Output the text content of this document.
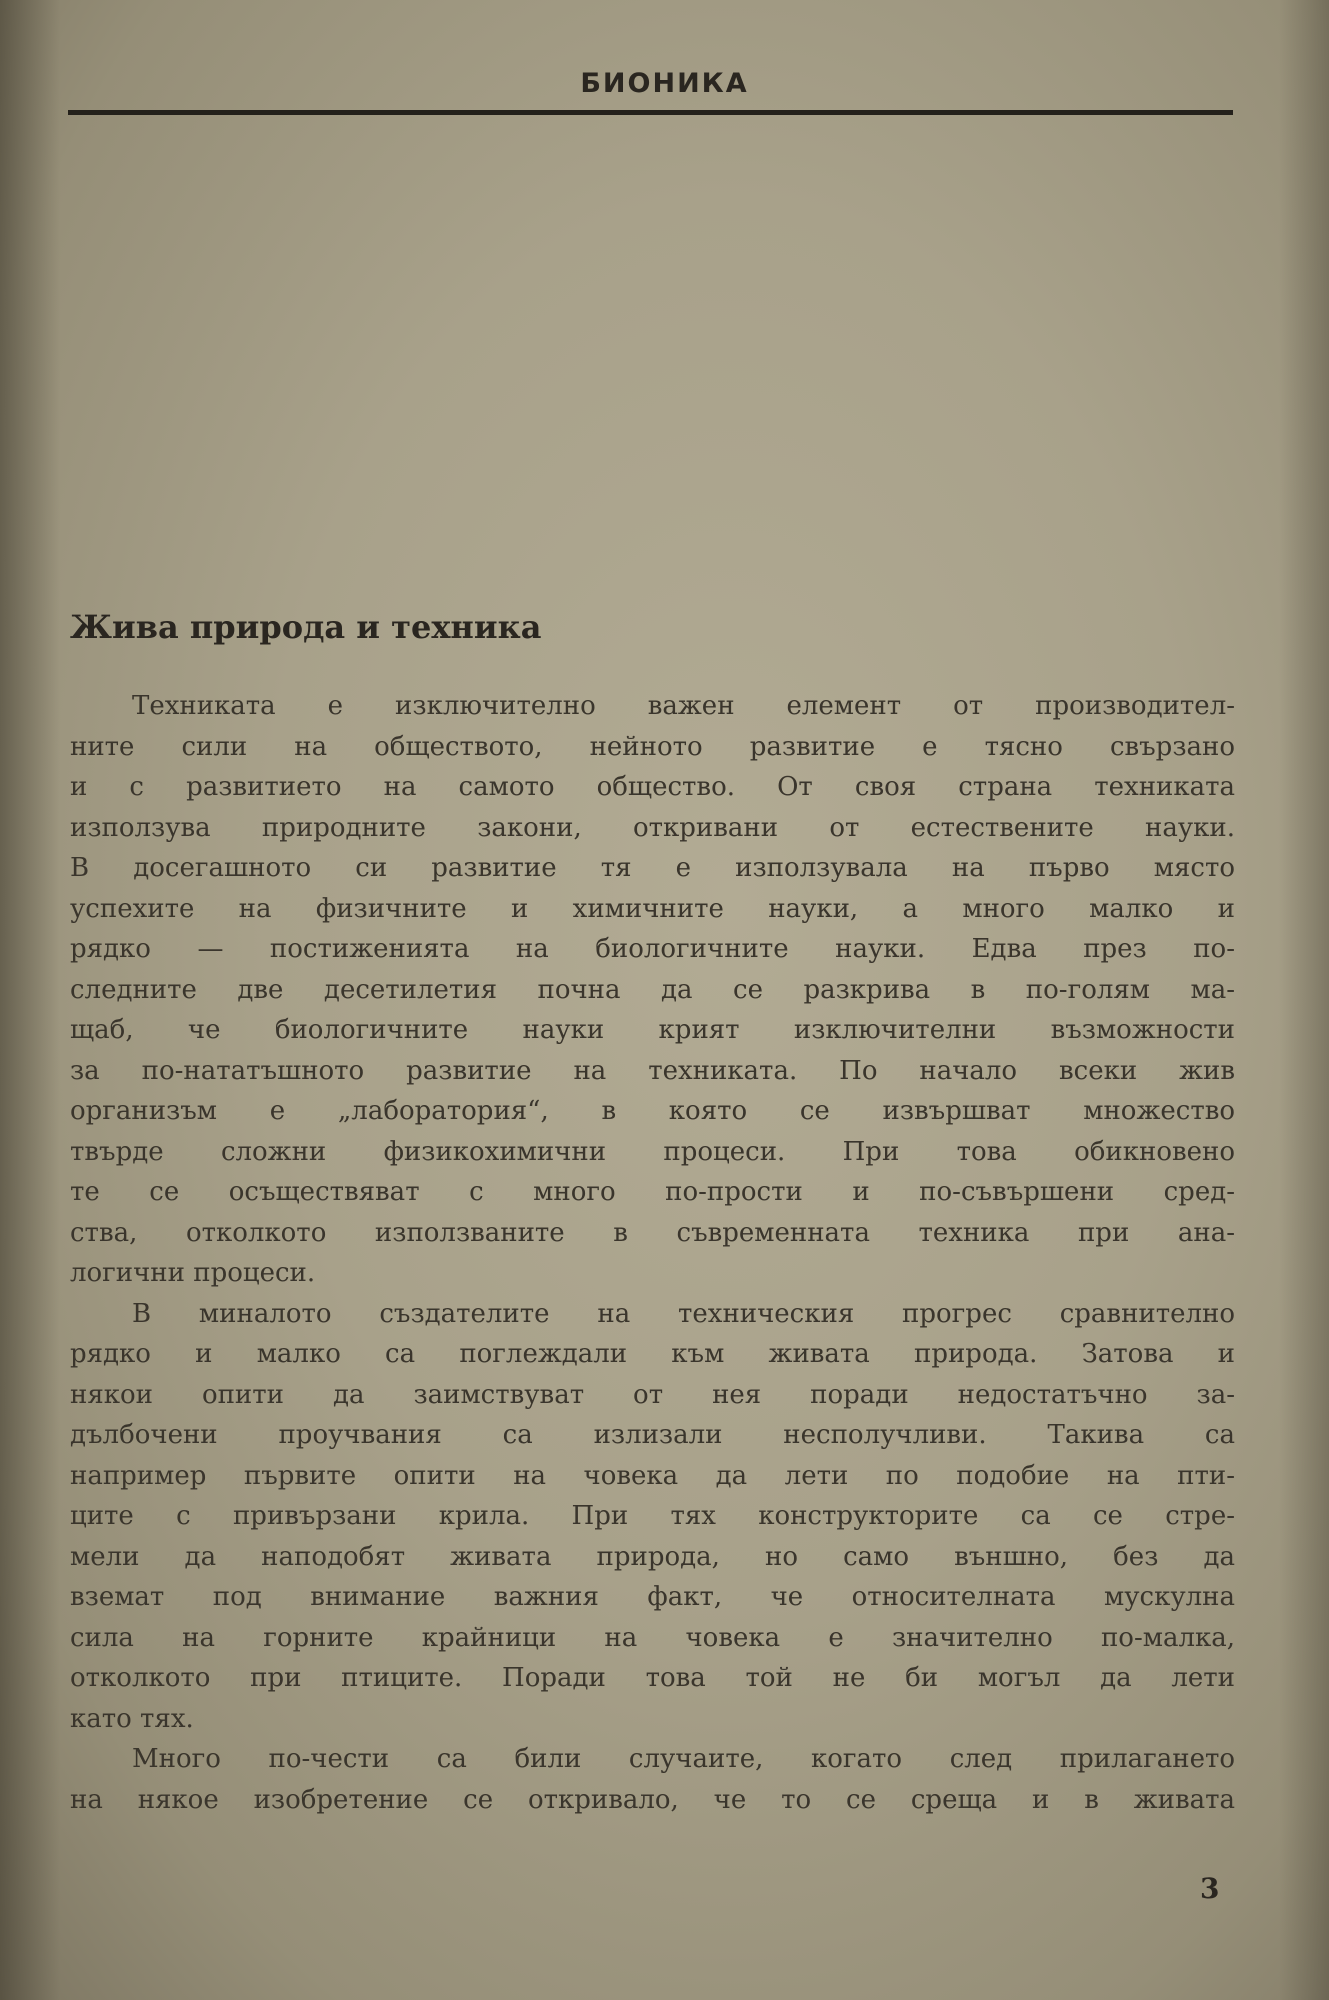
БИОНИКА
Жива природа и техника
Техниката е изключително важен елемент от производител-
ните сили на обществото, нейното развитие е тясно свързано
и с развитието на самото общество. От своя страна техниката
използува природните закони, откривани от естествените науки.
В досегашното си развитие тя е използувала на първо място
успехите на физичните и химичните науки, а много малко и
рядко — постиженията на биологичните науки. Едва през по-
следните две десетилетия почна да се разкрива в по-голям ма-
щаб, че биологичните науки крият изключителни възможности
за по-нататъшното развитие на техниката. По начало всеки жив
организъм е „лаборатория“, в която се извършват множество
твърде сложни физикохимични процеси. При това обикновено
те се осъществяват с много по-прости и по-съвършени сред-
ства, отколкото използваните в съвременната техника при ана-
логични процеси.
В миналото създателите на техническия прогрес сравнително
рядко и малко са поглеждали към живата природа. Затова и
някои опити да заимствуват от нея поради недостатъчно за-
дълбочени проучвания са излизали несполучливи. Такива са
например първите опити на човека да лети по подобие на пти-
ците с привързани крила. При тях конструкторите са се стре-
мели да наподобят живата природа, но само външно, без да
вземат под внимание важния факт, че относителната мускулна
сила на горните крайници на човека е значително по-малка,
отколкото при птиците. Поради това той не би могъл да лети
като тях.
Много по-чести са били случаите, когато след прилагането
на някое изобретение се откривало, че то се среща и в живата
3
